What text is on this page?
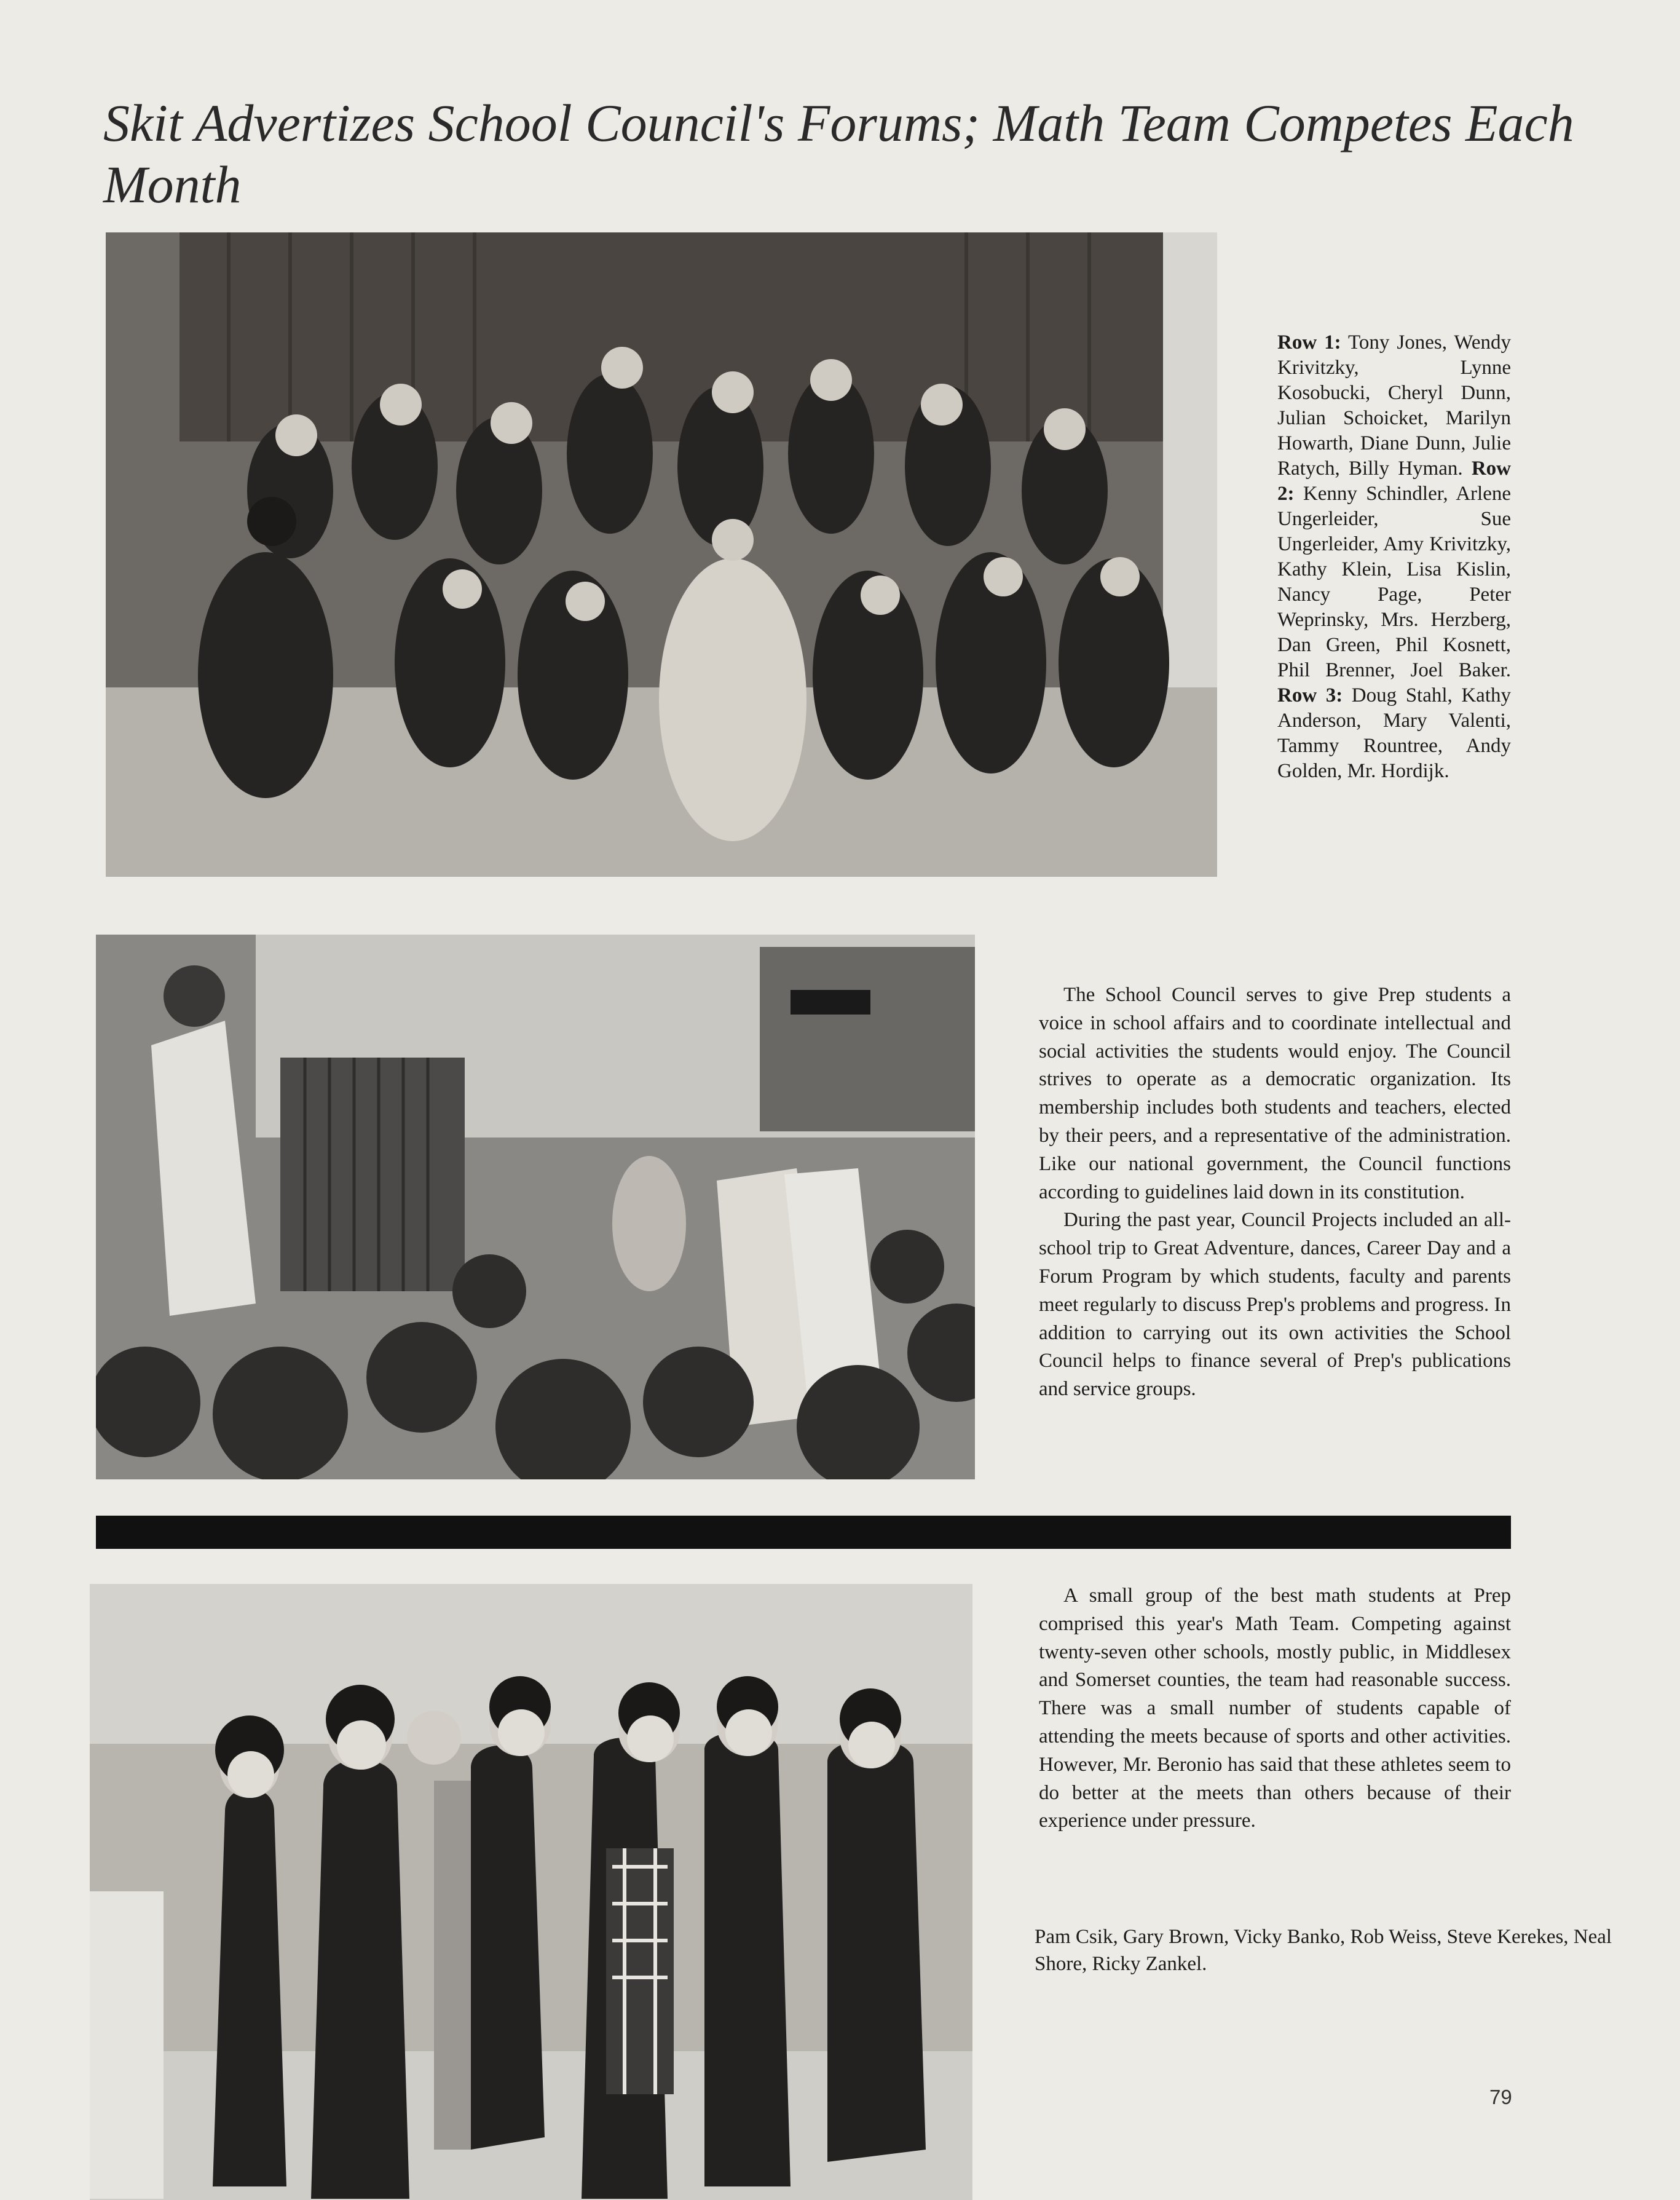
Skit Advertizes School Council's Forums; Math Team Competes Each Month
Row 1: Tony Jones, Wendy Krivitzky, Lynne Kosobucki, Cheryl Dunn, Julian Schoicket, Marilyn Howarth, Diane Dunn, Julie Ratych, Billy Hyman. Row 2: Kenny Schindler, Arlene Ungerleider, Sue Ungerleider, Amy Krivitzky, Kathy Klein, Lisa Kislin, Nancy Page, Peter Weprinsky, Mrs. Herzberg, Dan Green, Phil Kosnett, Phil Brenner, Joel Baker. Row 3: Doug Stahl, Kathy Anderson, Mary Valenti, Tammy Rountree, Andy Golden, Mr. Hordijk.

The School Council serves to give Prep students a voice in school affairs and to coordinate intellectual and social activities the students would enjoy. The Council strives to operate as a democratic organization. Its membership includes both students and teachers, elected by their peers, and a representative of the administration. Like our national government, the Council functions according to guidelines laid down in its constitution.

During the past year, Council Projects included an all-school trip to Great Adventure, dances, Career Day and a Forum Program by which students, faculty and parents meet regularly to discuss Prep's problems and progress. In addition to carrying out its own activities the School Council helps to finance several of Prep's publications and service groups.

A small group of the best math students at Prep comprised this year's Math Team. Competing against twenty-seven other schools, mostly public, in Middlesex and Somerset counties, the team had reasonable success. There was a small number of students capable of attending the meets because of sports and other activities. However, Mr. Beronio has said that these athletes seem to do better at the meets than others because of their experience under pressure.

Pam Csik, Gary Brown, Vicky Banko, Rob Weiss, Steve Kerekes, Neal Shore, Ricky Zankel.
79
